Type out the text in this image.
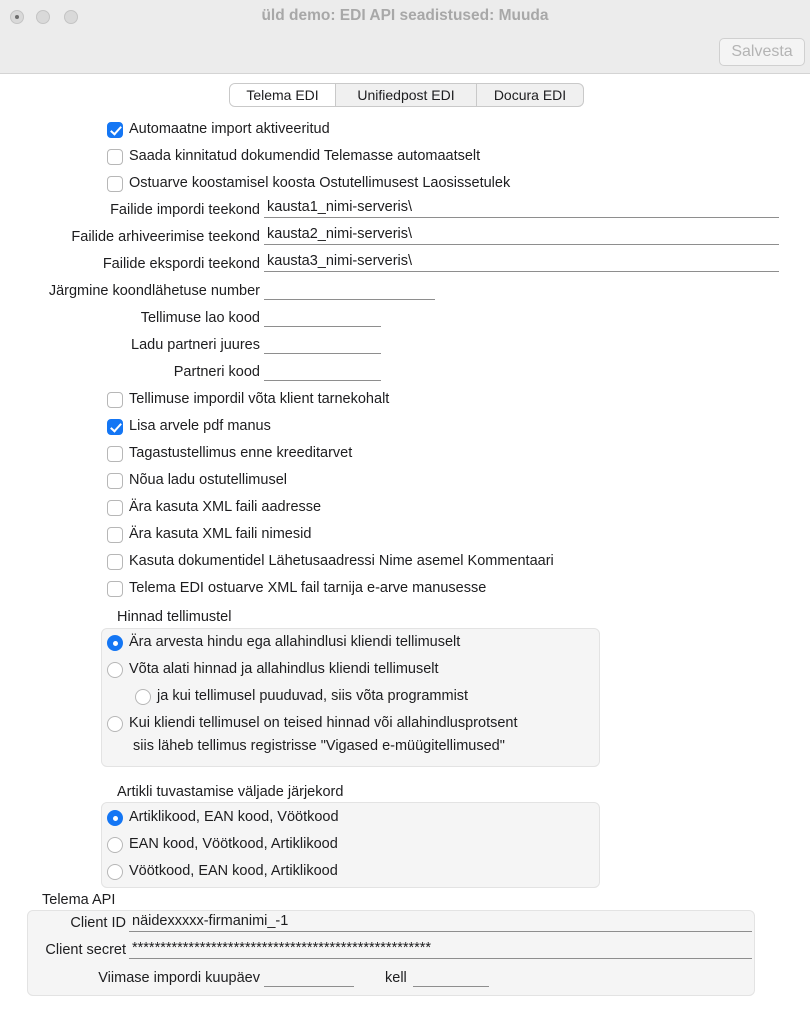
üld demo: EDI API seadistused: Muuda
Salvesta
Telema EDI	Unifiedpost EDI	Docura EDI
Automaatne import aktiveeritud
Saada kinnitatud dokumendid Telemasse automaatselt
Ostuarve koostamisel koosta Ostutellimusest Laosissetulek
Failide impordi teekond kausta1_nimi-serveris\
Failide arhiveerimise teekond kausta2_nimi-serveris\
Failide ekspordi teekond kausta3_nimi-serveris\
Järgmine koondlähetuse number
Tellimuse lao kood
Ladu partneri juures
Partneri kood
Tellimuse impordil võta klient tarnekohalt
Lisa arvele pdf manus
Tagastustellimus enne kreeditarvet
Nõua ladu ostutellimusel
Ära kasuta XML faili aadresse
Ära kasuta XML faili nimesid
Kasuta dokumentidel Lähetusaadressi Nime asemel Kommentaari
Telema EDI ostuarve XML fail tarnija e-arve manusesse
Hinnad tellimustel
Ära arvesta hindu ega allahindlusi kliendi tellimuselt
Võta alati hinnad ja allahindlus kliendi tellimuselt
ja kui tellimusel puuduvad, siis võta programmist
Kui kliendi tellimusel on teised hinnad või allahindlusprotsent
siis läheb tellimus registrisse "Vigased e-müügitellimused"
Artikli tuvastamise väljade järjekord
Artiklikood, EAN kood, Vöötkood
EAN kood, Vöötkood, Artiklikood
Vöötkood, EAN kood, Artiklikood
Telema API
Client ID näidexxxxx-firmanimi_-1
Client secret *****************************************************
Viimase impordi kuupäev	kell
